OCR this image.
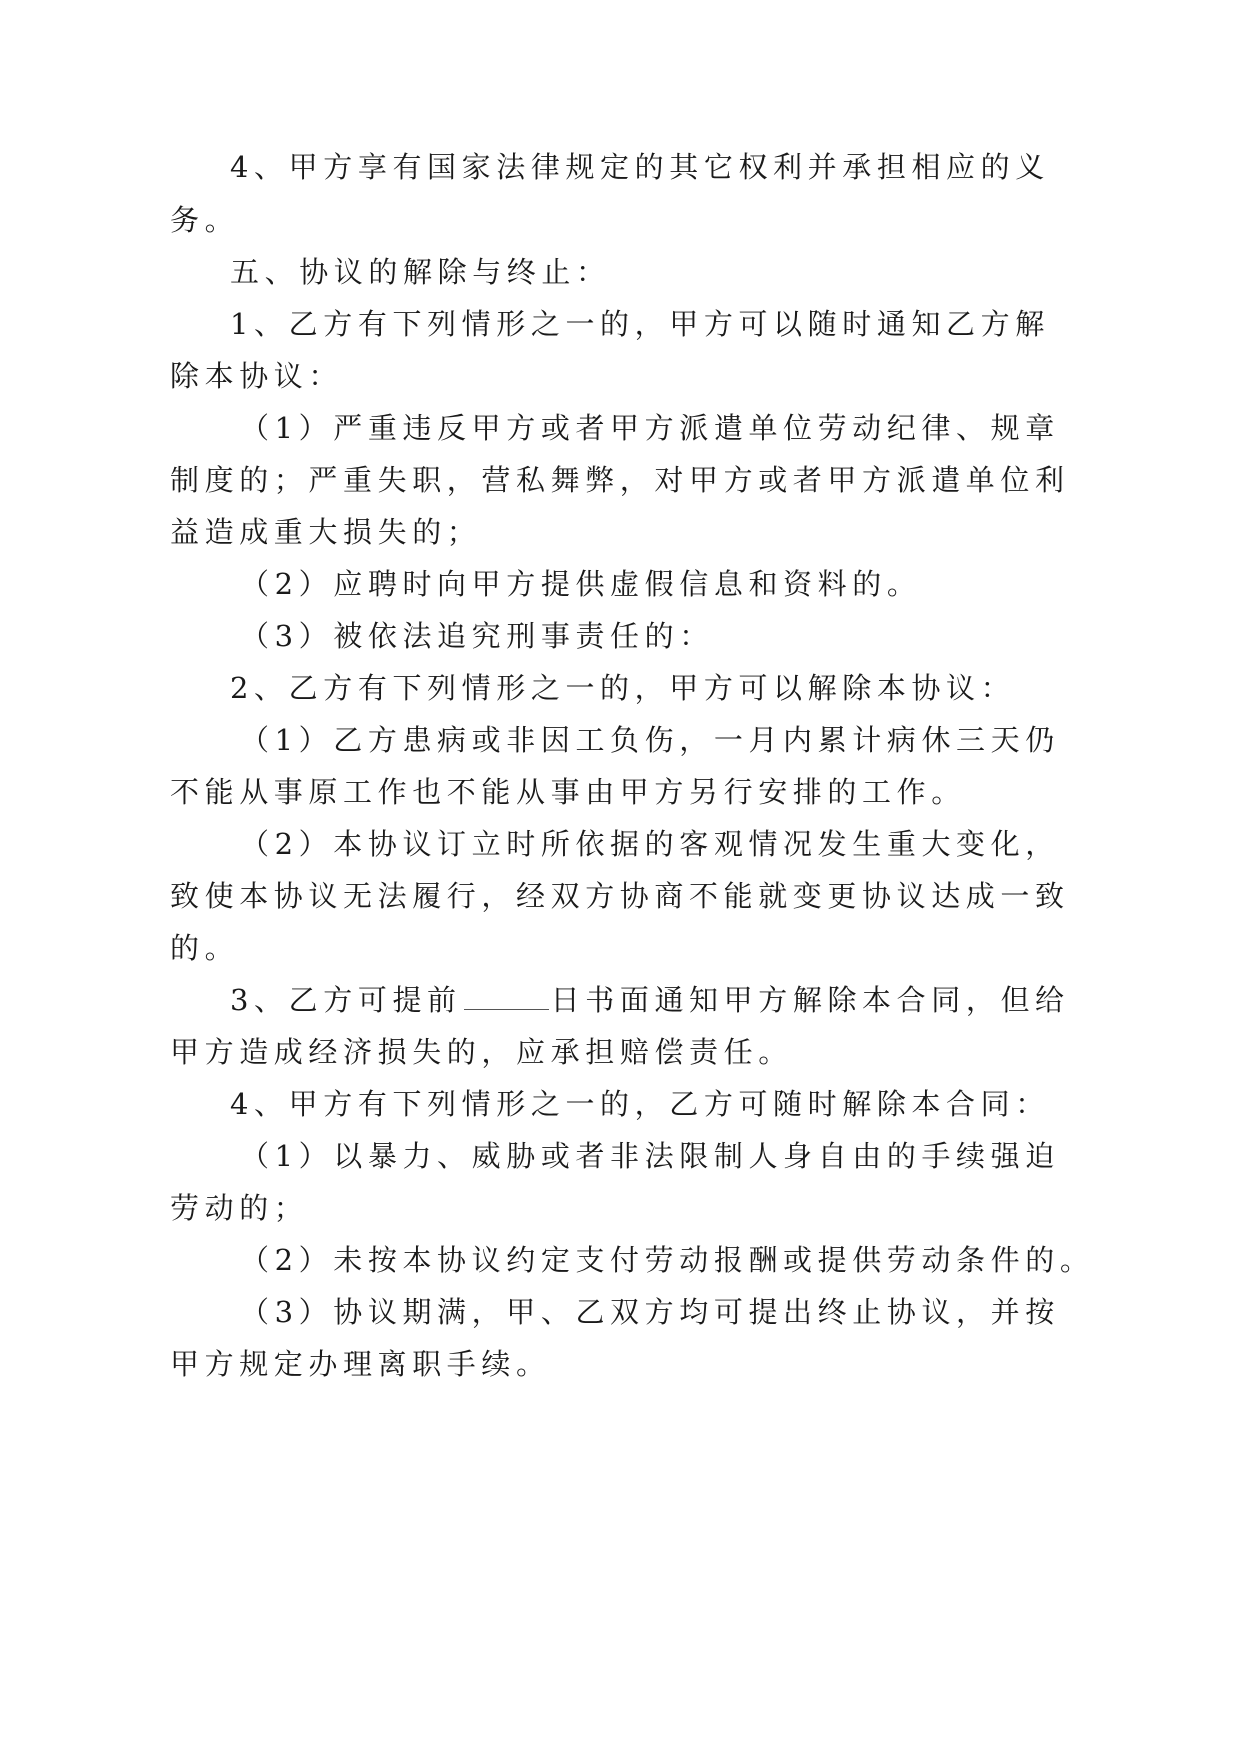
4、甲方享有国家法律规定的其它权利并承担相应的义
务。
五、协议的解除与终止：
1、乙方有下列情形之一的，甲方可以随时通知乙方解
除本协议：
（1）严重违反甲方或者甲方派遣单位劳动纪律、规章
制度的；严重失职，营私舞弊，对甲方或者甲方派遣单位利
益造成重大损失的；
（2）应聘时向甲方提供虚假信息和资料的。
（3）被依法追究刑事责任的：
2、乙方有下列情形之一的，甲方可以解除本协议：
（1）乙方患病或非因工负伤，一月内累计病休三天仍
不能从事原工作也不能从事由甲方另行安排的工作。
（2）本协议订立时所依据的客观情况发生重大变化，
致使本协议无法履行，经双方协商不能就变更协议达成一致
的。
3、乙方可提前	日书面通知甲方解除本合同，但给
甲方造成经济损失的，应承担赔偿责任。
4、甲方有下列情形之一的，乙方可随时解除本合同：
（1）以暴力、威胁或者非法限制人身自由的手续强迫
劳动的；
（2）未按本协议约定支付劳动报酬或提供劳动条件的。
（3）协议期满，甲、乙双方均可提出终止协议，并按
甲方规定办理离职手续。
